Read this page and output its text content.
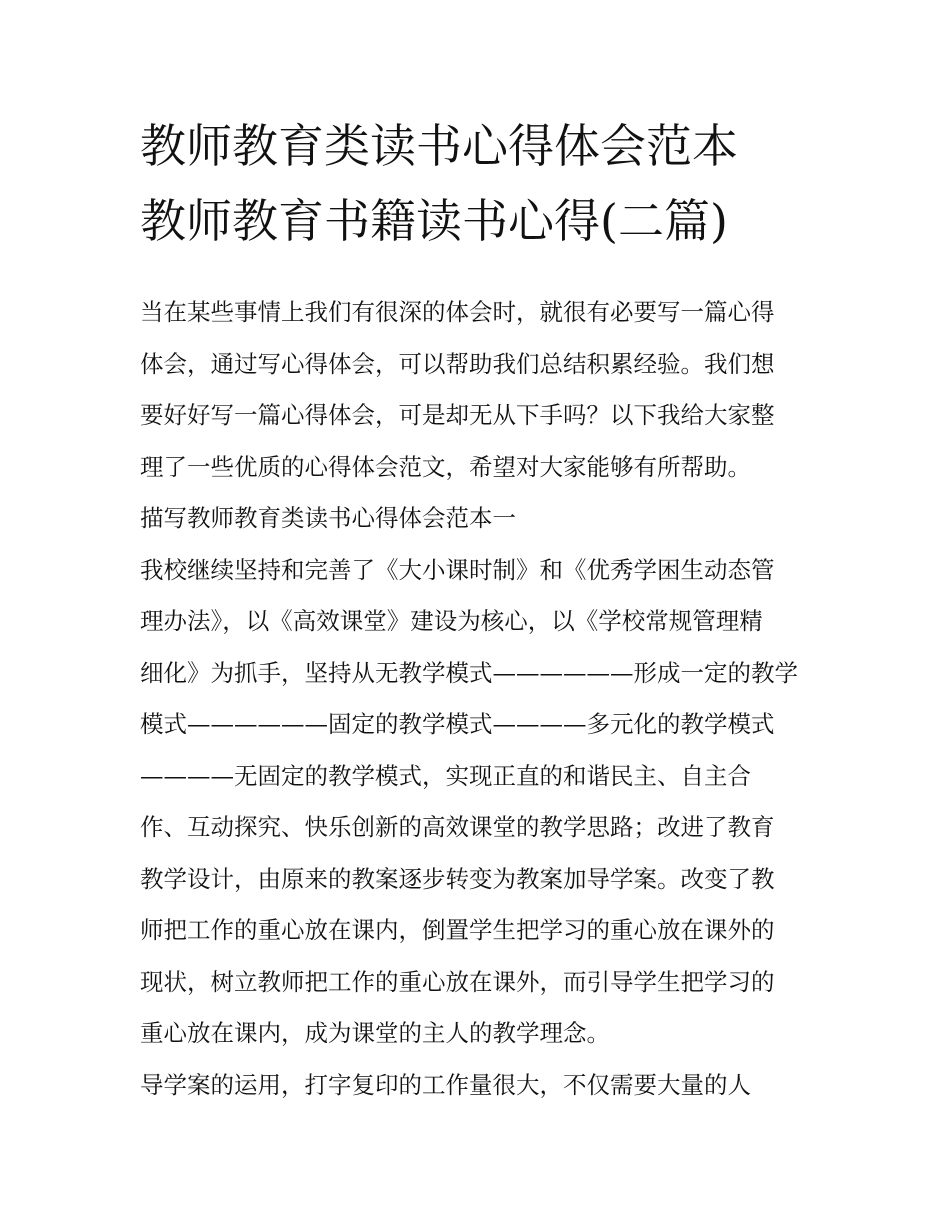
教师教育类读书心得体会范本
教师教育书籍读书心得(二篇)
当在某些事情上我们有很深的体会时，就很有必要写一篇心得
体会，通过写心得体会，可以帮助我们总结积累经验。我们想
要好好写一篇心得体会，可是却无从下手吗？以下我给大家整
理了一些优质的心得体会范文，希望对大家能够有所帮助。
描写教师教育类读书心得体会范本一
我校继续坚持和完善了《大小课时制》和《优秀学困生动态管
理办法》，以《高效课堂》建设为核心，以《学校常规管理精
细化》为抓手，坚持从无教学模式——————形成一定的教学
模式——————固定的教学模式————多元化的教学模式
————无固定的教学模式，实现正直的和谐民主、自主合
作、互动探究、快乐创新的高效课堂的教学思路；改进了教育
教学设计，由原来的教案逐步转变为教案加导学案。改变了教
师把工作的重心放在课内，倒置学生把学习的重心放在课外的
现状，树立教师把工作的重心放在课外，而引导学生把学习的
重心放在课内，成为课堂的主人的教学理念。
导学案的运用，打字复印的工作量很大，不仅需要大量的人
